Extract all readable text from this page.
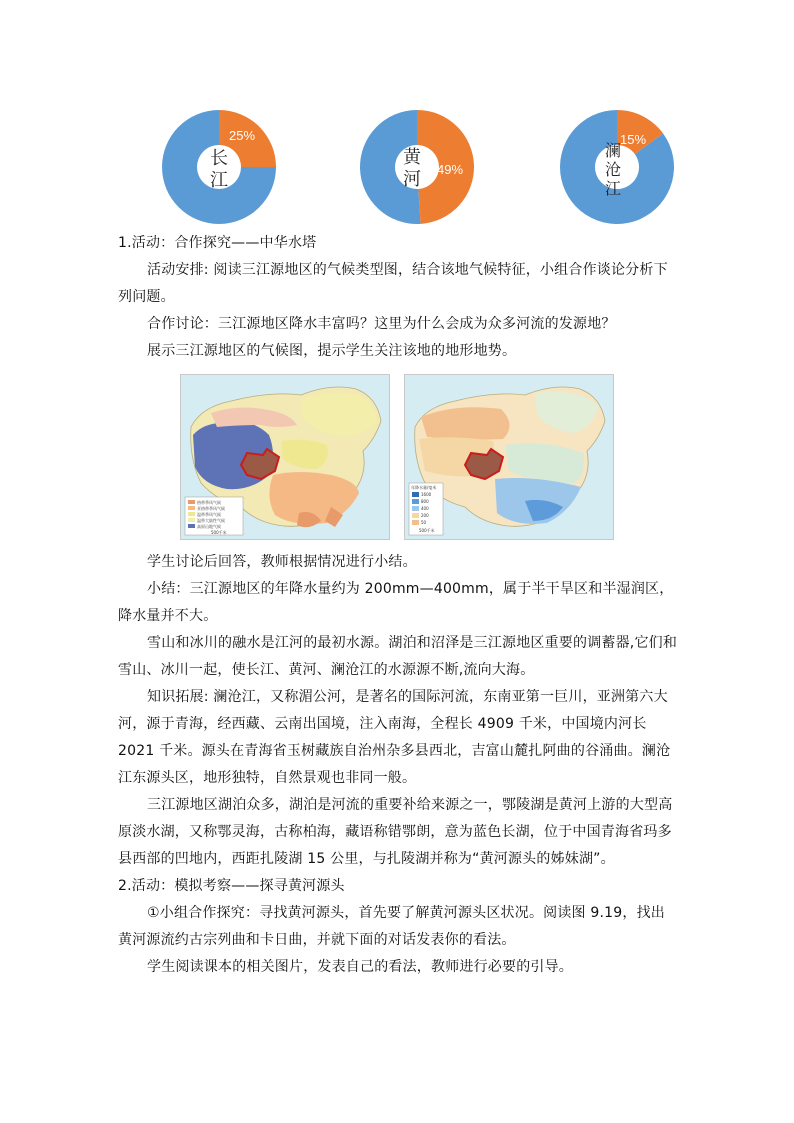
25%
长
江
49%
黄
河
15%
澜
沧
江

1.活动：合作探究——中华水塔

活动安排: 阅读三江源地区的气候类型图，结合该地气候特征，小组合作谈论分析下列问题。

合作讨论：三江源地区降水丰富吗？这里为什么会成为众多河流的发源地？

展示三江源地区的气候图，提示学生关注该地的地形地势。

热带季风气候
亚热带季风气候
温带季风气候
温带大陆性气候
高原山地气候
500千米
年降水量/毫米
1600
800
400
200
50
500千米

学生讨论后回答，教师根据情况进行小结。

小结：三江源地区的年降水量约为 200mm—400mm，属于半干旱区和半湿润区，降水量并不大。

雪山和冰川的融水是江河的最初水源。湖泊和沼泽是三江源地区重要的调蓄器,它们和雪山、冰川一起，使长江、黄河、澜沧江的水源源不断,流向大海。

知识拓展: 澜沧江，又称湄公河，是著名的国际河流，东南亚第一巨川，亚洲第六大河，源于青海，经西藏、云南出国境，注入南海，全程长 4909 千米，中国境内河长 2021 千米。源头在青海省玉树藏族自治州杂多县西北，吉富山麓扎阿曲的谷涌曲。澜沧江东源头区，地形独特，自然景观也非同一般。

三江源地区湖泊众多，湖泊是河流的重要补给来源之一，鄂陵湖是黄河上游的大型高原淡水湖，又称鄂灵海，古称柏海，藏语称错鄂朗，意为蓝色长湖，位于中国青海省玛多县西部的凹地内，西距扎陵湖 15 公里，与扎陵湖并称为“黄河源头的姊妹湖”。

2.活动：模拟考察——探寻黄河源头

①小组合作探究：寻找黄河源头，首先要了解黄河源头区状况。阅读图 9.19，找出黄河源流约古宗列曲和卡日曲，并就下面的对话发表你的看法。

学生阅读课本的相关图片，发表自己的看法，教师进行必要的引导。
